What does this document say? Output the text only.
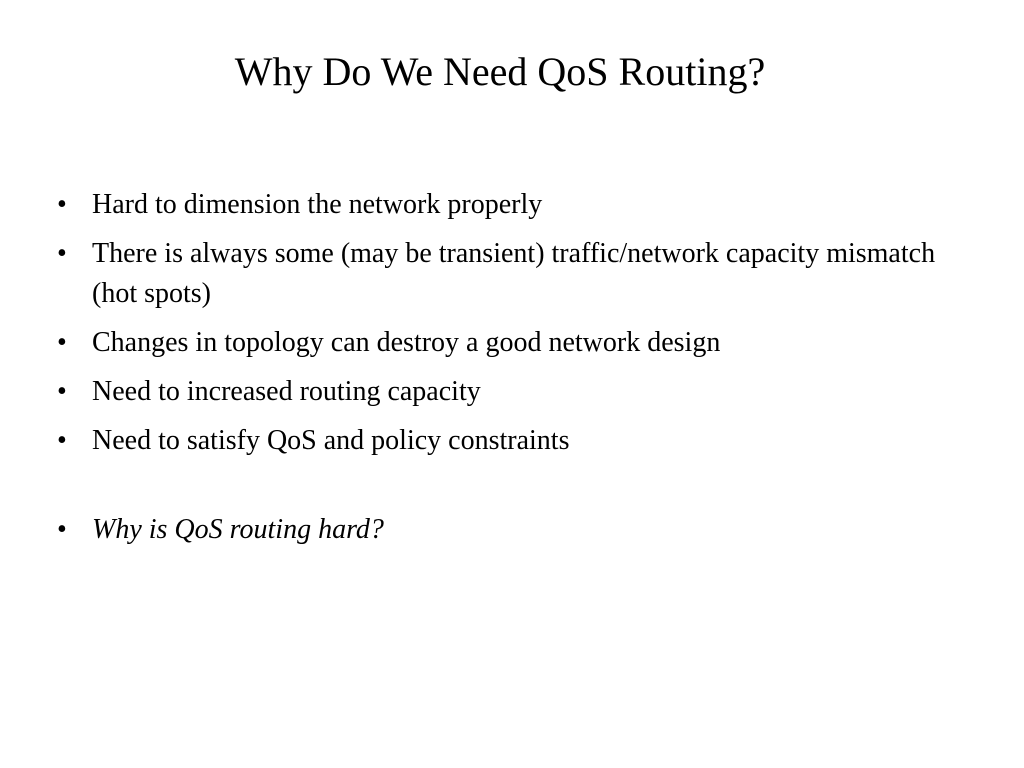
Why Do We Need QoS Routing?
• Hard to dimension the network properly
• There is always some (may be transient) traffic/network capacity mismatch (hot spots)
• Changes in topology can destroy a good network design
• Need to increased routing capacity
• Need to satisfy QoS and policy constraints
• Why is QoS routing hard?
